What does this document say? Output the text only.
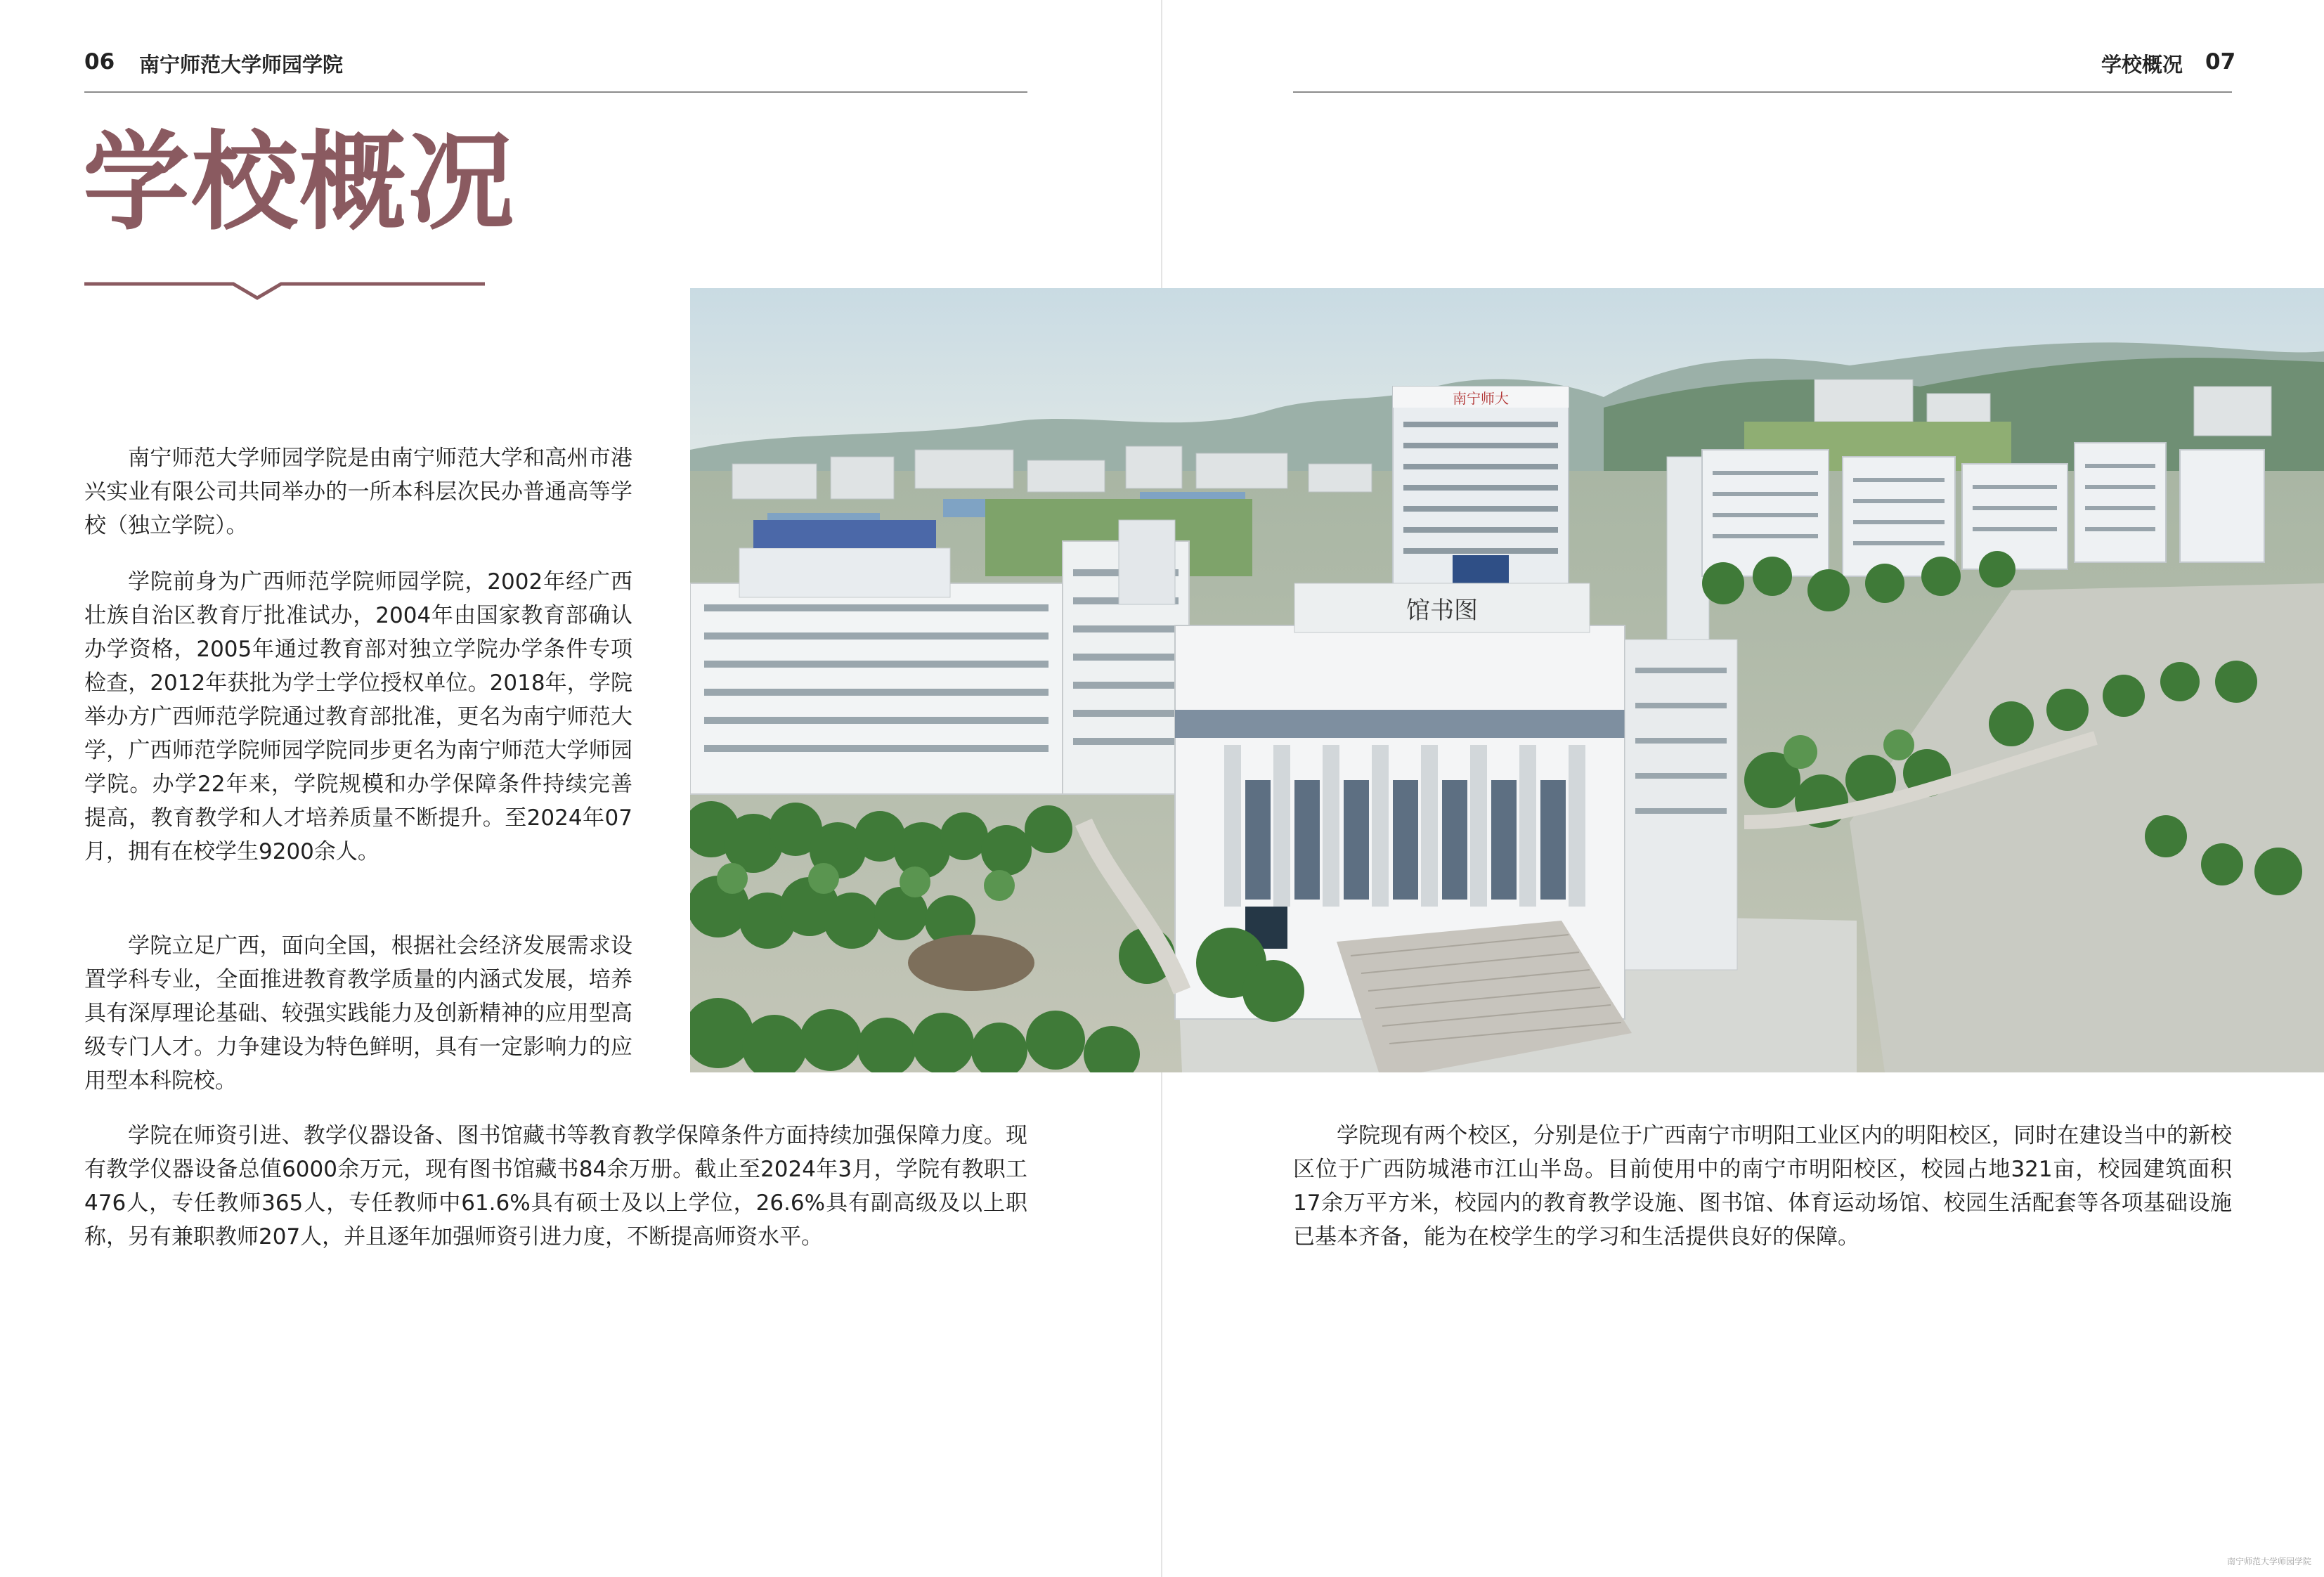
06 南宁师范大学师园学院	学校概况 07
学校概况

南宁师范大学师园学院是由南宁师范大学和高州市港兴实业有限公司共同举办的一所本科层次民办普通高等学校（独立学院）。

学院前身为广西师范学院师园学院，2002年经广西壮族自治区教育厅批准试办，2004年由国家教育部确认办学资格，2005年通过教育部对独立学院办学条件专项检查，2012年获批为学士学位授权单位。2018年，学院举办方广西师范学院通过教育部批准，更名为南宁师范大学，广西师范学院师园学院同步更名为南宁师范大学师园学院。办学22年来，学院规模和办学保障条件持续完善提高，教育教学和人才培养质量不断提升。至2024年07月，拥有在校学生9200余人。

学院立足广西，面向全国，根据社会经济发展需求设置学科专业，全面推进教育教学质量的内涵式发展，培养具有深厚理论基础、较强实践能力及创新精神的应用型高级专门人才。力争建设为特色鲜明，具有一定影响力的应用型本科院校。

学院在师资引进、教学仪器设备、图书馆藏书等教育教学保障条件方面持续加强保障力度。现有教学仪器设备总值6000余万元，现有图书馆藏书84余万册。截止至2024年3月，学院有教职工476人，专任教师365人，专任教师中61.6%具有硕士及以上学位，26.6%具有副高级及以上职称，另有兼职教师207人，并且逐年加强师资引进力度，不断提高师资水平。

学院现有两个校区，分别是位于广西南宁市明阳工业区内的明阳校区，同时在建设当中的新校区位于广西防城港市江山半岛。目前使用中的南宁市明阳校区，校园占地321亩，校园建筑面积17余万平方米，校园内的教育教学设施、图书馆、体育运动场馆、校园生活配套等各项基础设施已基本齐备，能为在校学生的学习和生活提供良好的保障。

南宁师大
馆书图
南宁师范大学师园学院
